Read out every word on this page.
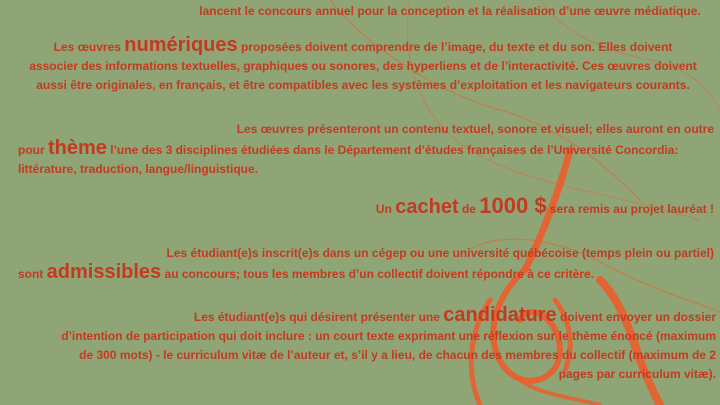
lancent le concours annuel pour la conception et la réalisation d’une œuvre médiatique.

Les œuvres numériques proposées doivent comprendre de l’image, du texte et du son. Elles doivent
associer des informations textuelles, graphiques ou sonores, des hyperliens et de l’interactivité. Ces œuvres doivent
aussi être originales, en français, et être compatibles avec les systèmes d’exploitation et les navigateurs courants.
Les œuvres présenteront un contenu textuel, sonore et visuel; elles auront en outre
pour thème l’une des 3 disciplines étudiées dans le Département d’études françaises de l’Université Concordia:
littérature, traduction, langue/linguistique.
Un cachet de 1000 $ sera remis au projet lauréat !
Les étudiant(e)s inscrit(e)s dans un cégep ou une université québécoise (temps plein ou partiel)
sont admissibles au concours; tous les membres d’un collectif doivent répondre à ce critère.
Les étudiant(e)s qui désirent présenter une candidature doivent envoyer un dossier
d’intention de participation qui doit inclure : un court texte exprimant une réflexion sur le thème énoncé (maximum
de 300 mots) - le curriculum vitæ de l’auteur et, s’il y a lieu, de chacun des membres du collectif (maximum de 2
pages par curriculum vitæ).
